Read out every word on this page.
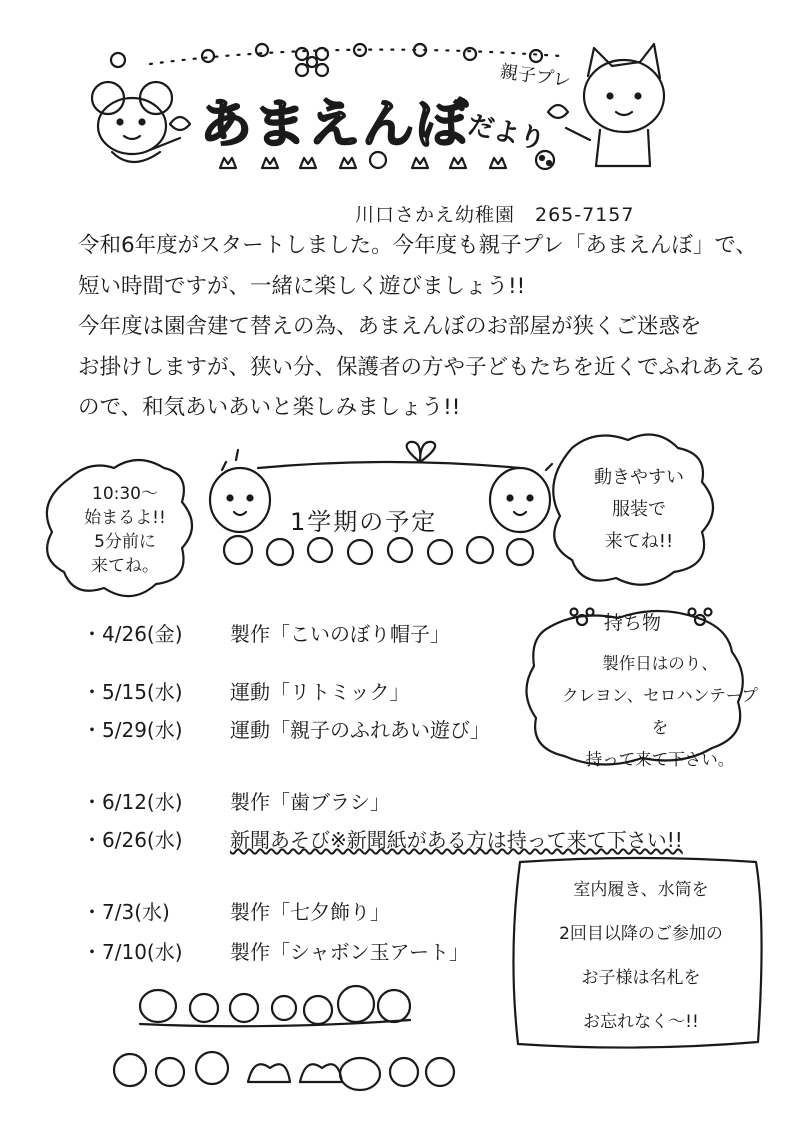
親子プレ
あまえんぼ
だより
川口さかえ幼稚園　265-7157

令和6年度がスタートしました。今年度も親子プレ「あまえんぼ」で、

短い時間ですが、一緒に楽しく遊びましょう!!

今年度は園舎建て替えの為、あまえんぼのお部屋が狭くご迷惑を

お掛けしますが、狭い分、保護者の方や子どもたちを近くでふれあえる

ので、和気あいあいと楽しみましょう!!

10:30～
始まるよ!!
5分前に
来てね。
動きやすい
服装で
来てね!!
1学期の予定
・ 4/26(金) 製作「こいのぼり帽子」
・ 5/15(水) 運動「リトミック」
・ 5/29(水) 運動「親子のふれあい遊び」
・ 6/12(水) 製作「歯ブラシ」
・ 6/26(水) 新聞あそび※新聞紙がある方は持って来て下さい!!
・ 7/3(水)	製作「七夕飾り」
・ 7/10(水) 製作「シャボン玉アート」
持ち物
製作日はのり、
クレヨン、セロハンテープを
持って来て下さい。
室内履き、水筒を
2回目以降のご参加の
お子様は名札を
お忘れなく～!!
